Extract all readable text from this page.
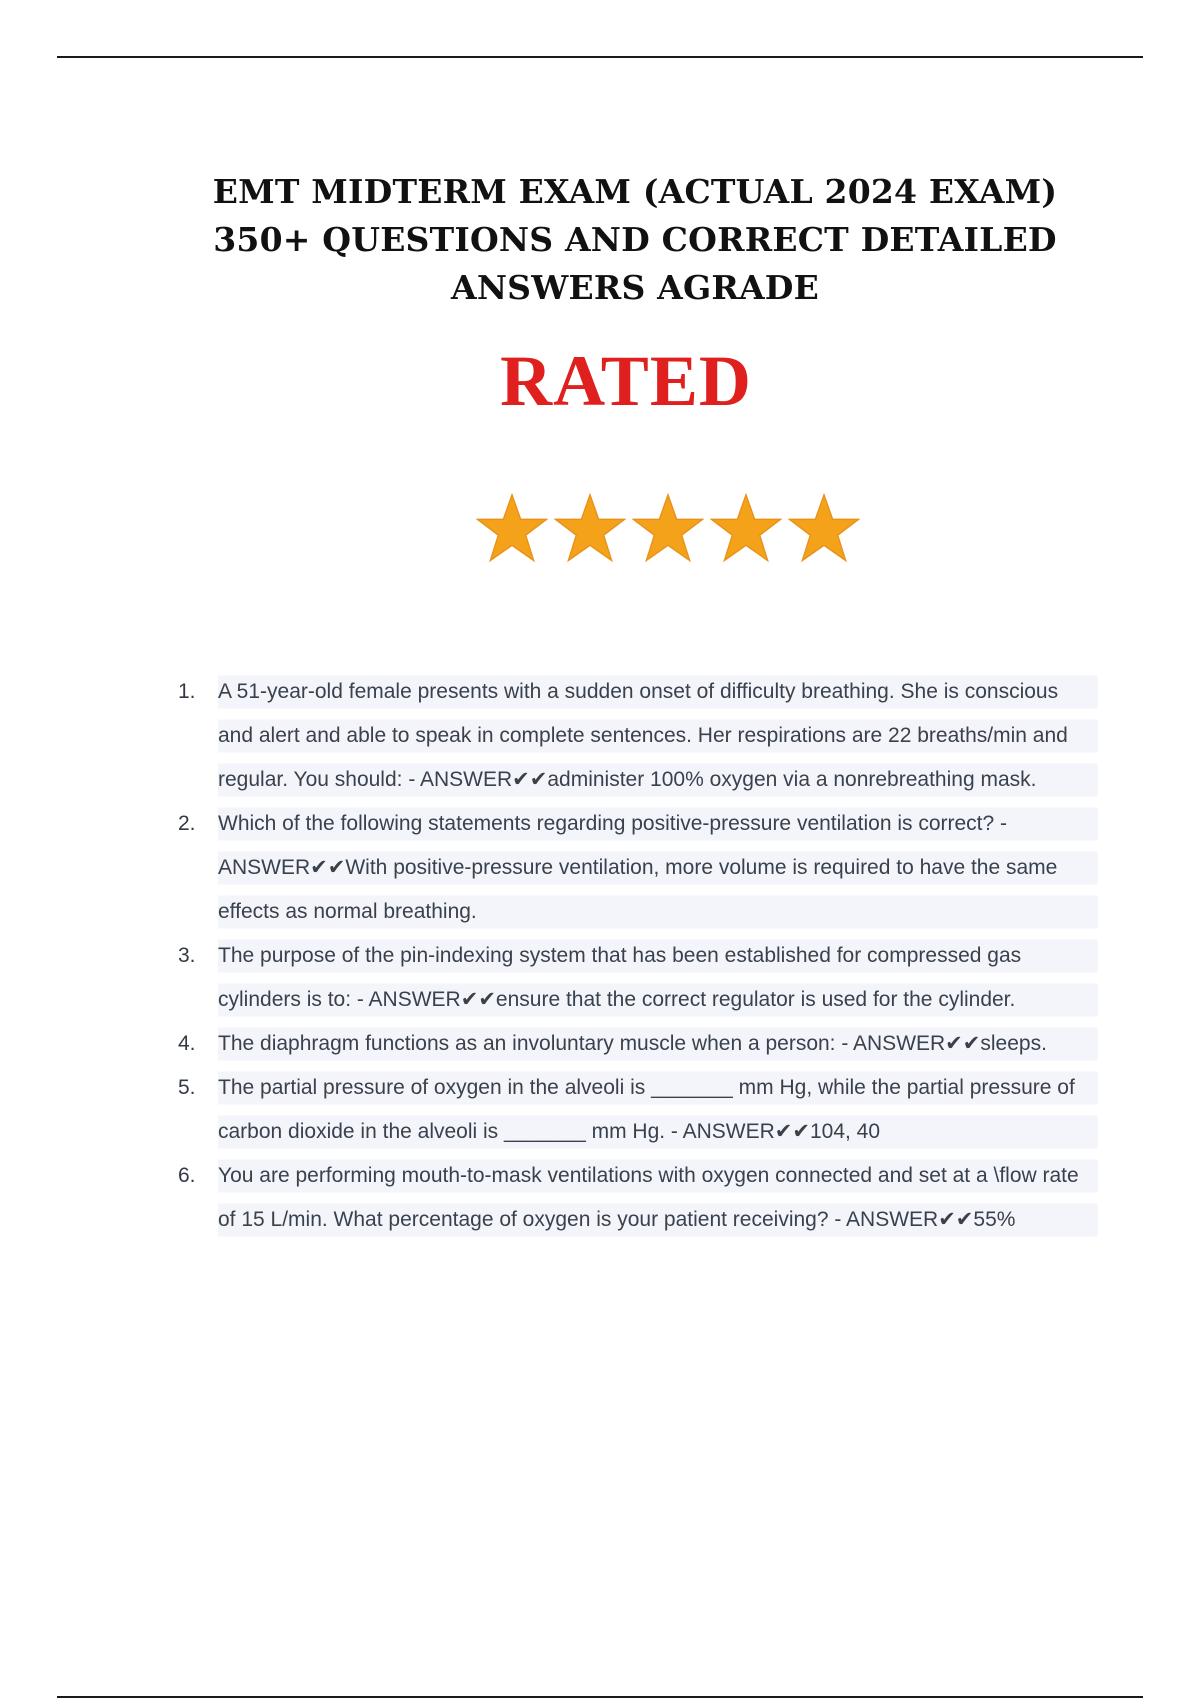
EMT MIDTERM EXAM (ACTUAL 2024 EXAM)
350+ QUESTIONS AND CORRECT DETAILED
ANSWERS AGRADE
RATED
1.	A 51-year-old female presents with a sudden onset of difficulty breathing. She is conscious and alert and able to speak in complete sentences. Her respirations are 22 breaths/min and regular. You should: - ANSWER✔✔administer 100% oxygen via a nonrebreathing mask.
2.	Which of the following statements regarding positive-pressure ventilation is correct? - ANSWER✔✔With positive-pressure ventilation, more volume is required to have the same effects as normal breathing.
3.	The purpose of the pin-indexing system that has been established for compressed gas cylinders is to: - ANSWER✔✔ensure that the correct regulator is used for the cylinder.
4.	The diaphragm functions as an involuntary muscle when a person: - ANSWER✔✔sleeps.
5.	The partial pressure of oxygen in the alveoli is _______ mm Hg, while the partial pressure of carbon dioxide in the alveoli is _______ mm Hg. - ANSWER✔✔104, 40
6.	You are performing mouth-to-mask ventilations with oxygen connected and set at a \flow rate of 15 L/min. What percentage of oxygen is your patient receiving? - ANSWER✔✔55%
